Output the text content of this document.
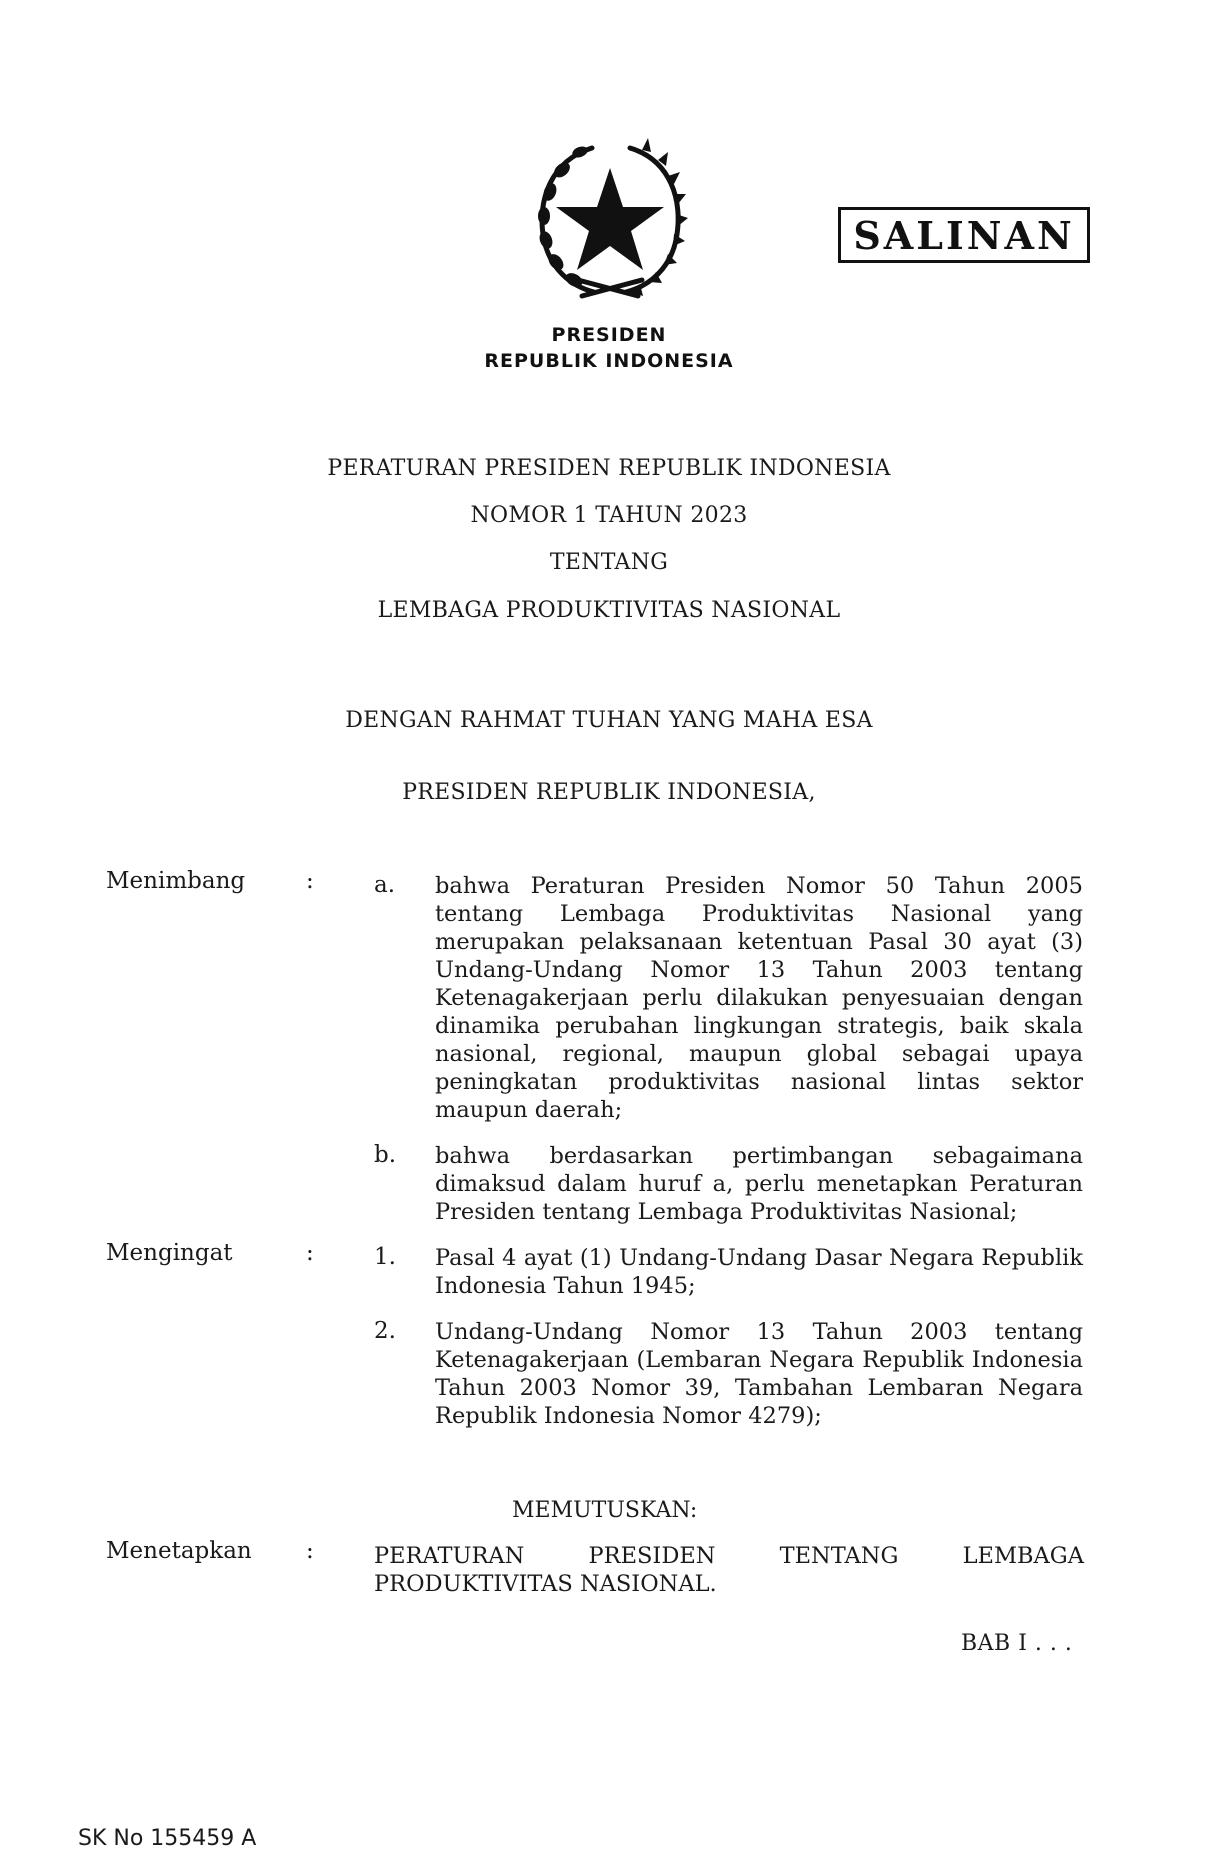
SALINAN
PRESIDEN
REPUBLIK INDONESIA
PERATURAN PRESIDEN REPUBLIK INDONESIA
NOMOR 1 TAHUN 2023
TENTANG
LEMBAGA PRODUKTIVITAS NASIONAL
DENGAN RAHMAT TUHAN YANG MAHA ESA
PRESIDEN REPUBLIK INDONESIA,
Menimbang	:	a. bahwa Peraturan Presiden Nomor 50 Tahun 2005 tentang Lembaga Produktivitas Nasional yang merupakan pelaksanaan ketentuan Pasal 30 ayat (3) Undang-Undang Nomor 13 Tahun 2003 tentang Ketenagakerjaan perlu dilakukan penyesuaian dengan dinamika perubahan lingkungan strategis, baik skala nasional, regional, maupun global sebagai upaya peningkatan produktivitas nasional lintas sektor maupun daerah;
b. bahwa berdasarkan pertimbangan sebagaimana dimaksud dalam huruf a, perlu menetapkan Peraturan Presiden tentang Lembaga Produktivitas Nasional;
Mengingat	:	1. Pasal 4 ayat (1) Undang-Undang Dasar Negara Republik Indonesia Tahun 1945;
2. Undang-Undang Nomor 13 Tahun 2003 tentang Ketenagakerjaan (Lembaran Negara Republik Indonesia Tahun 2003 Nomor 39, Tambahan Lembaran Negara Republik Indonesia Nomor 4279);
MEMUTUSKAN:
Menetapkan :	PERATURAN PRESIDEN TENTANG LEMBAGA PRODUKTIVITAS NASIONAL.
BAB I . . .
SK No 155459 A
